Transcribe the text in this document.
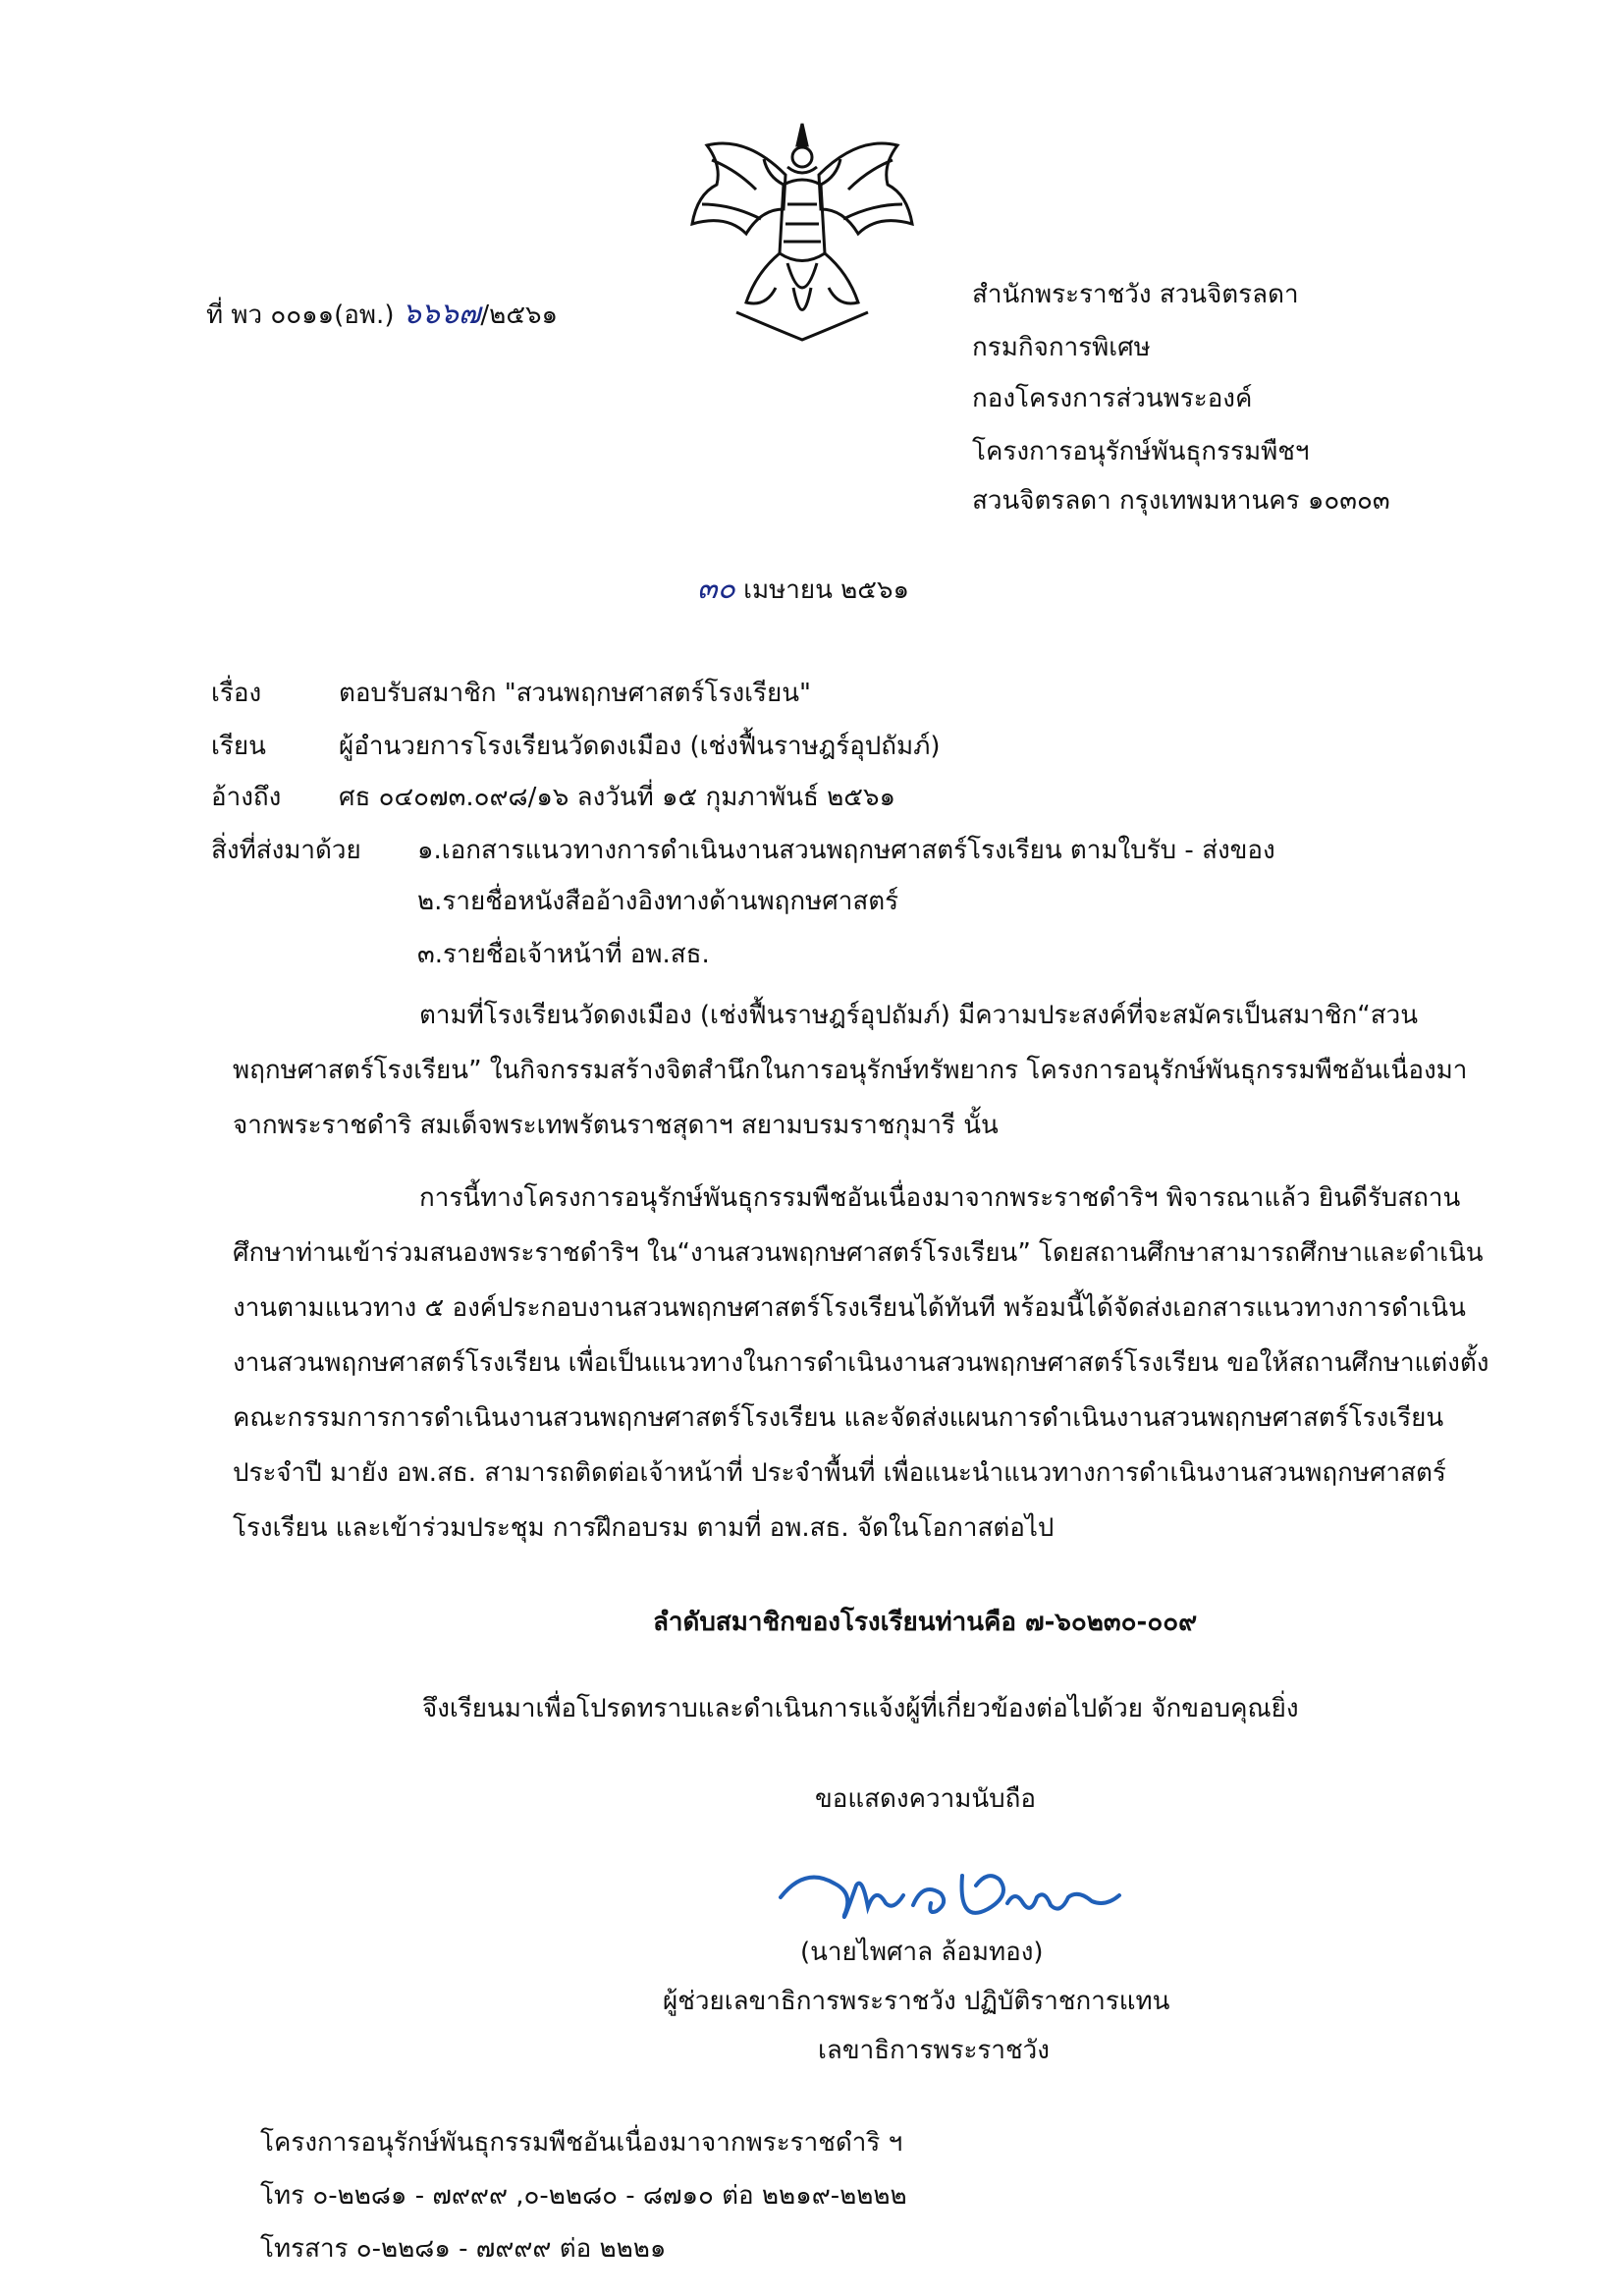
ที่ พว ๐๐๑๑(อพ.) ๖๖๖๗/๒๕๖๑
สำนักพระราชวัง สวนจิตรลดา
กรมกิจการพิเศษ
กองโครงการส่วนพระองค์
โครงการอนุรักษ์พันธุกรรมพืชฯ
สวนจิตรลดา กรุงเทพมหานคร ๑๐๓๐๓
๓๐ เมษายน ๒๕๖๑
เรื่อง	ตอบรับสมาชิก "สวนพฤกษศาสตร์โรงเรียน"
เรียน	ผู้อำนวยการโรงเรียนวัดดงเมือง (เช่งฟื้นราษฎร์อุปถัมภ์)
อ้างถึง ศธ ๐๔๐๗๓.๐๙๘/๑๖ ลงวันที่ ๑๕ กุมภาพันธ์ ๒๕๖๑
สิ่งที่ส่งมาด้วย ๑.เอกสารแนวทางการดำเนินงานสวนพฤกษศาสตร์โรงเรียน ตามใบรับ - ส่งของ
๒.รายชื่อหนังสืออ้างอิงทางด้านพฤกษศาสตร์
๓.รายชื่อเจ้าหน้าที่ อพ.สธ.

ตามที่โรงเรียนวัดดงเมือง (เช่งฟื้นราษฎร์อุปถัมภ์) มีความประสงค์ที่จะสมัครเป็นสมาชิก“สวนพฤกษศาสตร์โรงเรียน” ในกิจกรรมสร้างจิตสำนึกในการอนุรักษ์ทรัพยากร โครงการอนุรักษ์พันธุกรรมพืชอันเนื่องมาจากพระราชดำริ สมเด็จพระเทพรัตนราชสุดาฯ สยามบรมราชกุมารี นั้น

การนี้ทางโครงการอนุรักษ์พันธุกรรมพืชอันเนื่องมาจากพระราชดำริฯ พิจารณาแล้ว ยินดีรับสถานศึกษาท่านเข้าร่วมสนองพระราชดำริฯ ใน“งานสวนพฤกษศาสตร์โรงเรียน” โดยสถานศึกษาสามารถศึกษาและดำเนินงานตามแนวทาง ๕ องค์ประกอบงานสวนพฤกษศาสตร์โรงเรียนได้ทันที พร้อมนี้ได้จัดส่งเอกสารแนวทางการดำเนินงานสวนพฤกษศาสตร์โรงเรียน เพื่อเป็นแนวทางในการดำเนินงานสวนพฤกษศาสตร์โรงเรียน ขอให้สถานศึกษาแต่งตั้งคณะกรรมการการดำเนินงานสวนพฤกษศาสตร์โรงเรียน และจัดส่งแผนการดำเนินงานสวนพฤกษศาสตร์โรงเรียนประจำปี มายัง อพ.สธ. สามารถติดต่อเจ้าหน้าที่ ประจำพื้นที่ เพื่อแนะนำแนวทางการดำเนินงานสวนพฤกษศาสตร์โรงเรียน และเข้าร่วมประชุม การฝึกอบรม ตามที่ อพ.สธ. จัดในโอกาสต่อไป

ลำดับสมาชิกของโรงเรียนท่านคือ ๗-๖๐๒๓๐-๐๐๙
จึงเรียนมาเพื่อโปรดทราบและดำเนินการแจ้งผู้ที่เกี่ยวข้องต่อไปด้วย จักขอบคุณยิ่ง
ขอแสดงความนับถือ
(นายไพศาล ล้อมทอง)
ผู้ช่วยเลขาธิการพระราชวัง ปฏิบัติราชการแทน
เลขาธิการพระราชวัง
โครงการอนุรักษ์พันธุกรรมพืชอันเนื่องมาจากพระราชดำริ ฯ
โทร ๐-๒๒๘๑ - ๗๙๙๙ ,๐-๒๒๘๐ - ๘๗๑๐ ต่อ ๒๒๑๙-๒๒๒๒
โทรสาร ๐-๒๒๘๑ - ๗๙๙๙ ต่อ ๒๒๒๑
